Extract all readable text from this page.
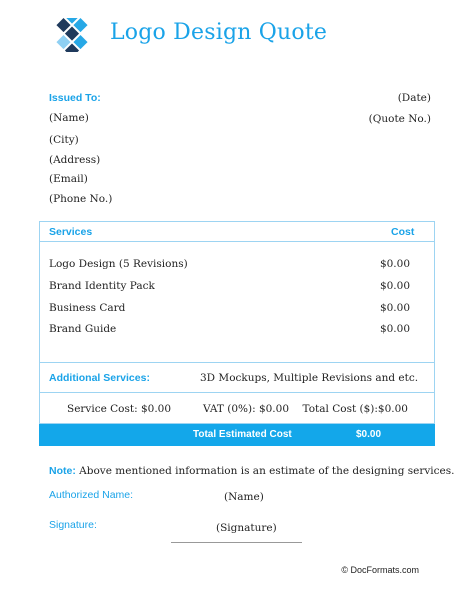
Logo Design Quote
Issued To:	(Date)
(Quote No.)
(Name)
(City)
(Address)
(Email)
(Phone No.)
Services	Cost
Logo Design (5 Revisions)	$0.00
Brand Identity Pack	$0.00
Business Card	$0.00
Brand Guide	$0.00
Additional Services:	3D Mockups, Multiple Revisions and etc.
Service Cost: $0.00	VAT (0%): $0.00 Total Cost ($):$0.00
Total Estimated Cost	$0.00
Note: Above mentioned information is an estimate of the designing services.
Authorized Name:	(Name)
Signature:	(Signature)
© DocFormats.com
